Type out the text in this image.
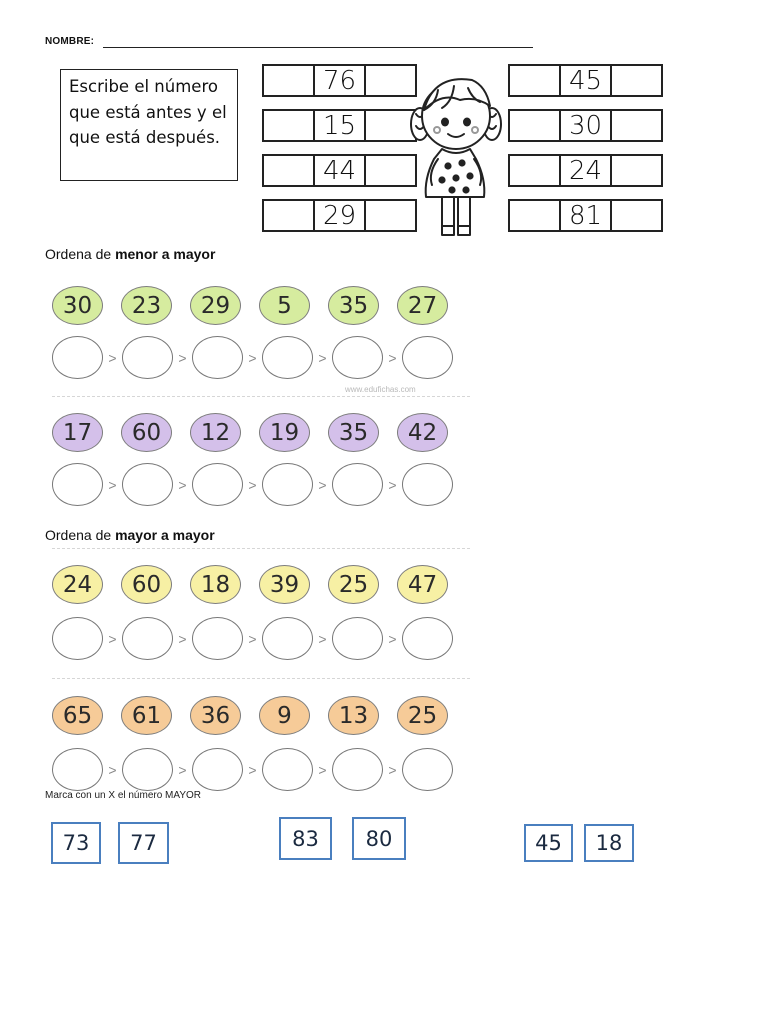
NOMBRE:
Escribe el número que está antes y el que está después.
76
15
44
29
45
30
24
81
Ordena de menor a mayor
30	23	29	5	35	27
>	>	>	>	>
www.edufichas.com
17	60	12	19	35	42
>	>	>	>	>
Ordena de mayor a mayor
24	60	18	39	25	47
>	>	>	>	>
65	61	36	9	13	25
>	>	>	>	>
Marca con un X el número MAYOR
73	77	83	80	45	18
